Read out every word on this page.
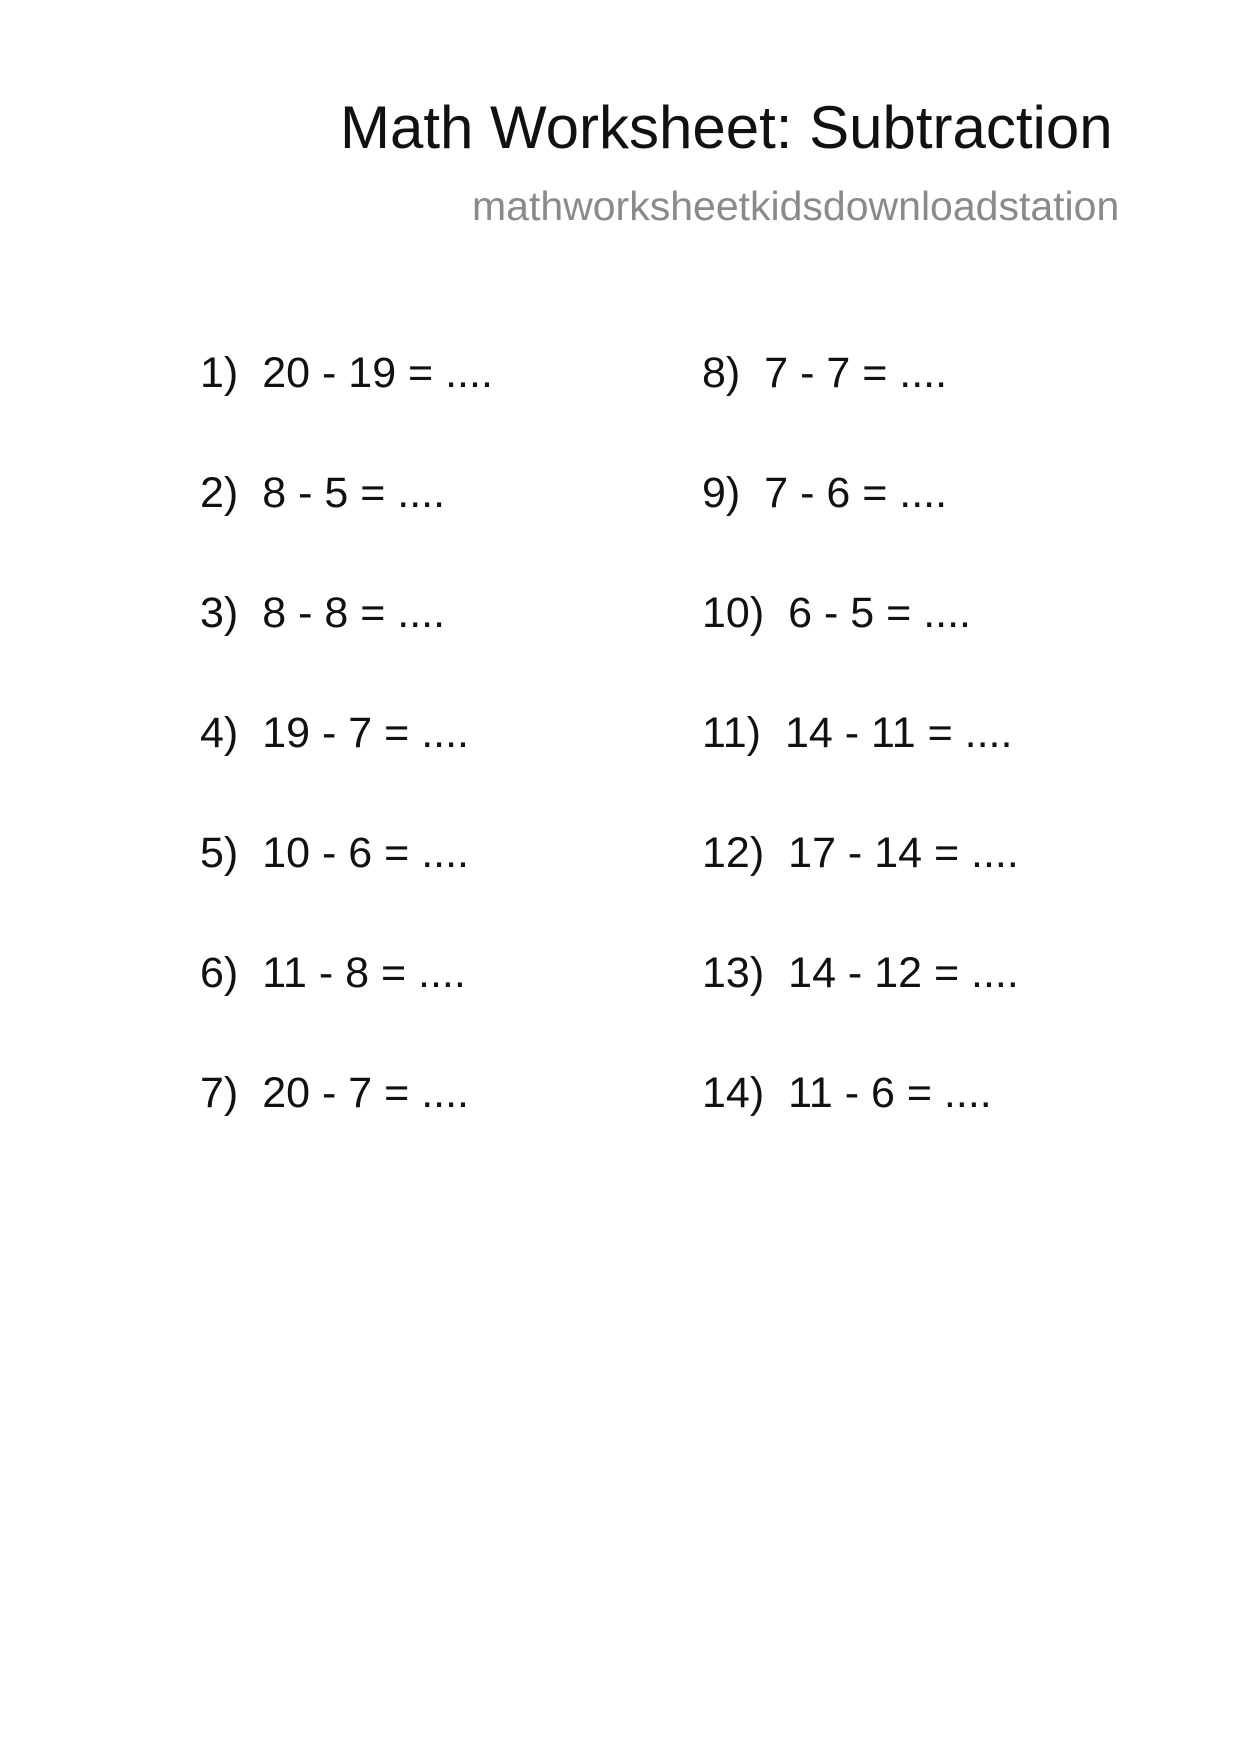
Math Worksheet: Subtraction
mathworksheetkidsdownloadstation
1) 20 - 19 = ....
2) 8 - 5 = ....
3) 8 - 8 = ....
4) 19 - 7 = ....
5) 10 - 6 = ....
6) 11 - 8 = ....
7) 20 - 7 = ....
8) 7 - 7 = ....
9) 7 - 6 = ....
10) 6 - 5 = ....
11) 14 - 11 = ....
12) 17 - 14 = ....
13) 14 - 12 = ....
14) 11 - 6 = ....
